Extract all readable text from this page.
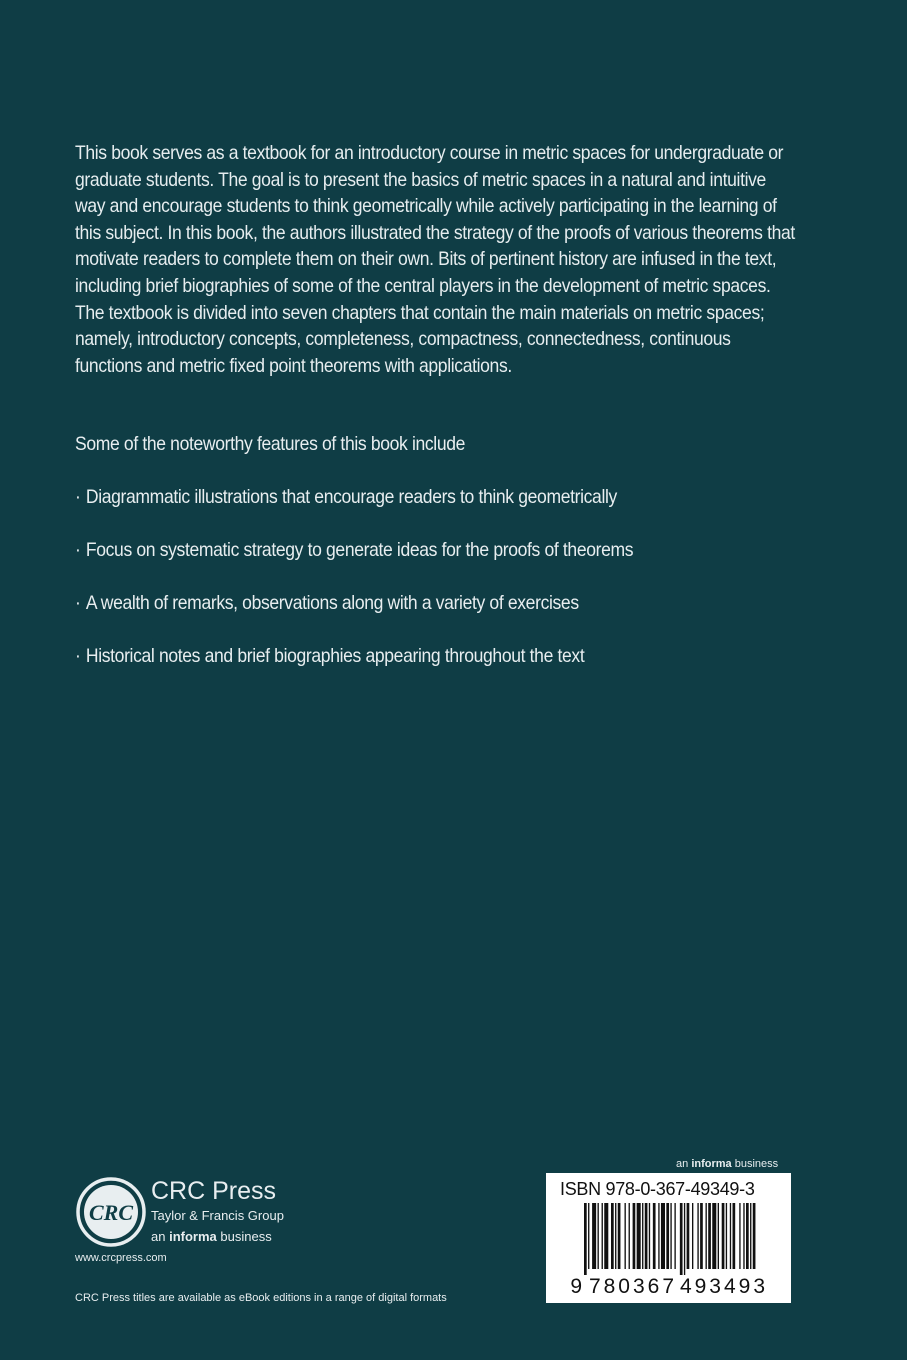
This book serves as a textbook for an introductory course in metric spaces for undergraduate or graduate students. The goal is to present the basics of metric spaces in a natural and intuitive way and encourage students to think geometrically while actively participating in the learning of this subject. In this book, the authors illustrated the strategy of the proofs of various theorems that motivate readers to complete them on their own. Bits of pertinent history are infused in the text, including brief biographies of some of the central players in the development of metric spaces. The textbook is divided into seven chapters that contain the main materials on metric spaces; namely, introductory concepts, completeness, compactness, connectedness, continuous functions and metric fixed point theorems with applications.

Some of the noteworthy features of this book include
· Diagrammatic illustrations that encourage readers to think geometrically
· Focus on systematic strategy to generate ideas for the proofs of theorems
· A wealth of remarks, observations along with a variety of exercises
· Historical notes and brief biographies appearing throughout the text
CRC
CRC Press
Taylor & Francis Group
an informa business
www.crcpress.com
CRC Press titles are available as eBook editions in a range of digital formats
an informa business
ISBN 978-0-367-49349-3
9 780367 493493
